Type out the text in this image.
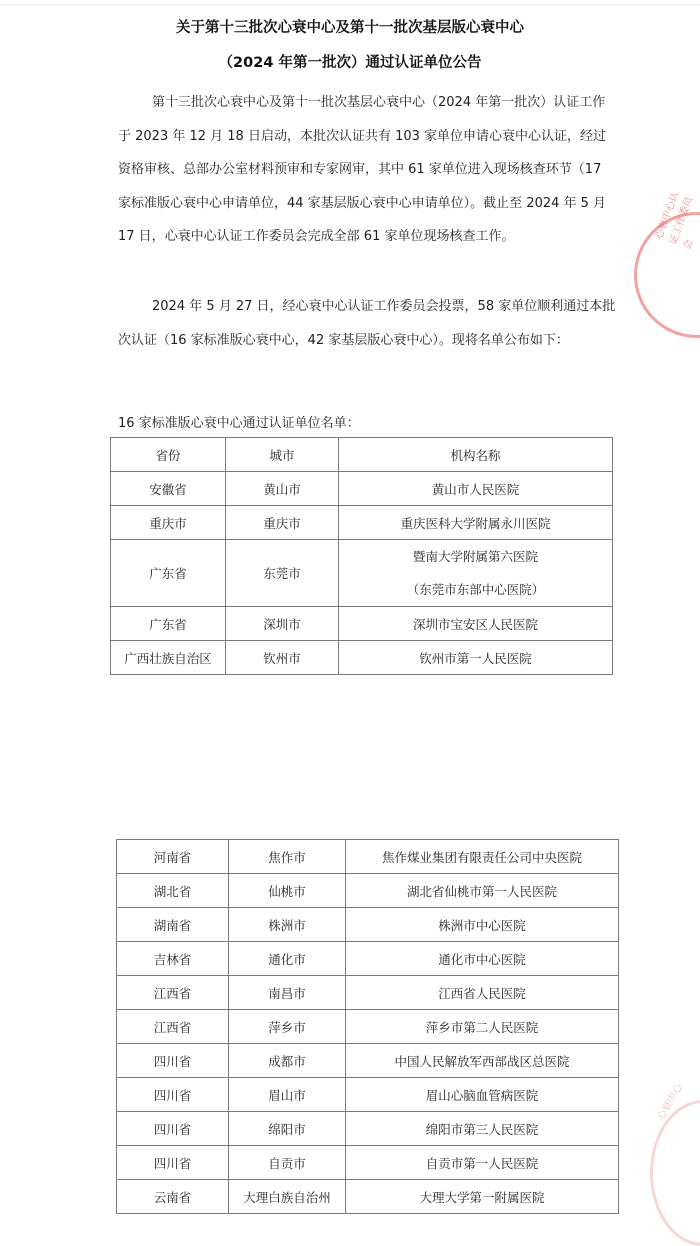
关于第十三批次心衰中心及第十一批次基层版心衰中心
（2024 年第一批次）通过认证单位公告
第十三批次心衰中心及第十一批次基层心衰中心（2024 年第一批次）认证工作于 2023 年 12 月 18 日启动，本批次认证共有 103 家单位申请心衰中心认证，经过资格审核、总部办公室材料预审和专家网审，其中 61 家单位进入现场核查环节（17 家标准版心衰中心申请单位，44 家基层版心衰中心申请单位）。截止至 2024 年 5 月 17 日，心衰中心认证工作委员会完成全部 61 家单位现场核查工作。
2024 年 5 月 27 日，经心衰中心认证工作委员会投票，58 家单位顺利通过本批次认证（16 家标准版心衰中心，42 家基层版心衰中心）。现将名单公布如下：
16 家标准版心衰中心通过认证单位名单：
省份	城市	机构名称
安徽省	黄山市	黄山市人民医院
重庆市	重庆市	重庆医科大学附属永川医院
广东省	东莞市	暨南大学附属第六医院
（东莞市东部中心医院）

广东省	深圳市	深圳市宝安区人民医院
广西壮族自治区	钦州市	钦州市第一人民医院
河南省	焦作市	焦作煤业集团有限责任公司中央医院
湖北省	仙桃市	湖北省仙桃市第一人民医院
湖南省	株洲市	株洲市中心医院
吉林省	通化市	通化市中心医院
江西省	南昌市	江西省人民医院
江西省	萍乡市	萍乡市第二人民医院
四川省	成都市	中国人民解放军西部战区总医院
四川省	眉山市	眉山心脑血管病医院
四川省	绵阳市	绵阳市第三人民医院
四川省	自贡市	自贡市第一人民医院
云南省	大理白族自治州	大理大学第一附属医院
心衰中心认证工作委员会
心衰中心
